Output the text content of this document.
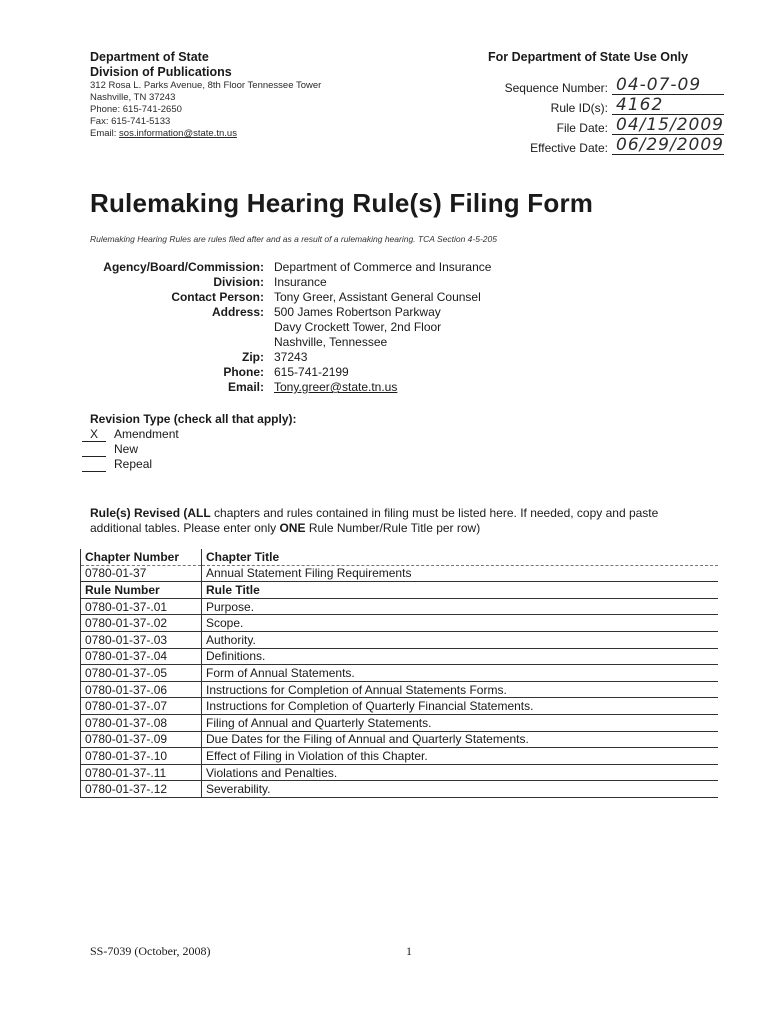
Department of State
Division of Publications
312 Rosa L. Parks Avenue, 8th Floor Tennessee Tower
Nashville, TN 37243
Phone: 615-741-2650
Fax: 615-741-5133
Email: sos.information@state.tn.us
For Department of State Use Only
Sequence Number: 04-07-09
Rule ID(s): 4162
File Date: 04/15/2009
Effective Date: 06/29/2009
Rulemaking Hearing Rule(s) Filing Form
Rulemaking Hearing Rules are rules filed after and as a result of a rulemaking hearing. TCA Section 4-5-205
Agency/Board/Commission: Department of Commerce and Insurance
Division: Insurance
Contact Person: Tony Greer, Assistant General Counsel
Address: 500 James Robertson Parkway
Davy Crockett Tower, 2nd Floor
Nashville, Tennessee
Zip: 37243
Phone: 615-741-2199
Email: Tony.greer@state.tn.us
Revision Type (check all that apply):
X	Amendment
New
Repeal
Rule(s) Revised (ALL chapters and rules contained in filing must be listed here. If needed, copy and paste additional tables. Please enter only ONE Rule Number/Rule Title per row)
Chapter Number	Chapter Title
0780-01-37	Annual Statement Filing Requirements
Rule Number	Rule Title
0780-01-37-.01	Purpose.
0780-01-37-.02	Scope.
0780-01-37-.03	Authority.
0780-01-37-.04	Definitions.
0780-01-37-.05	Form of Annual Statements.
0780-01-37-.06	Instructions for Completion of Annual Statements Forms.
0780-01-37-.07	Instructions for Completion of Quarterly Financial Statements.
0780-01-37-.08	Filing of Annual and Quarterly Statements.
0780-01-37-.09	Due Dates for the Filing of Annual and Quarterly Statements.
0780-01-37-.10	Effect of Filing in Violation of this Chapter.
0780-01-37-.11	Violations and Penalties.
0780-01-37-.12	Severability.
SS-7039 (October, 2008)	1
